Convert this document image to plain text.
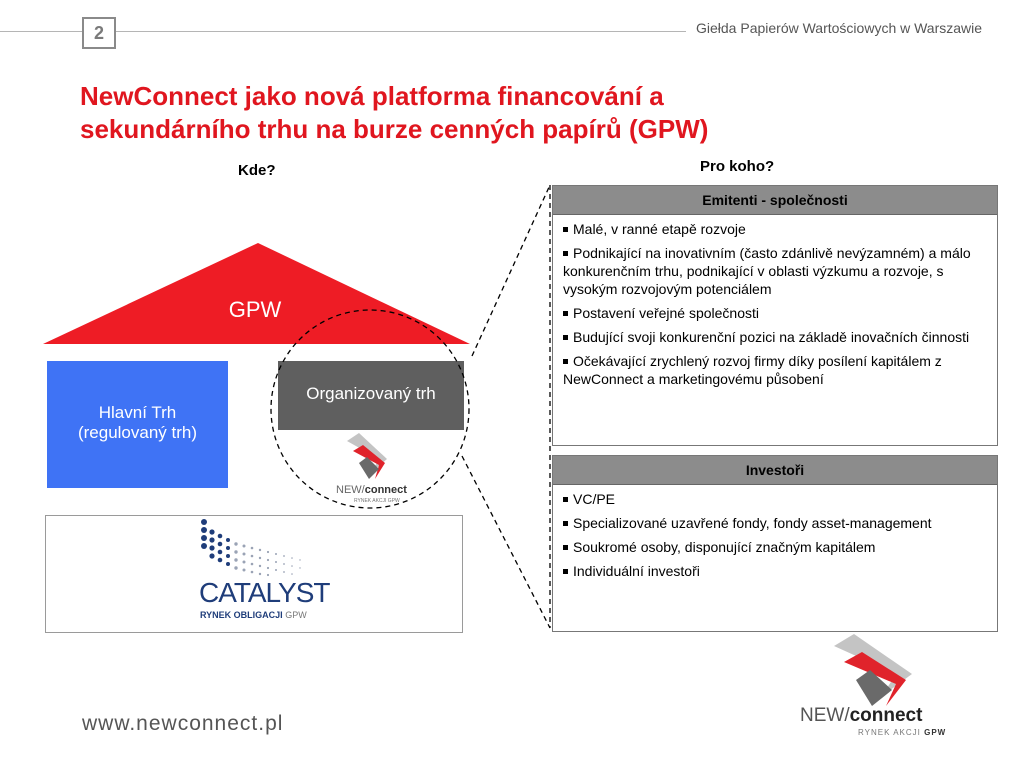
2	Giełda Papierów Wartościowych w Warszawie
NewConnect jako nová platforma financování a
sekundárního trhu na burze cenných papírů (GPW)
Kde?	Pro koho?
GPW
Hlavní Trh
(regulovaný trh)
Organizovaný trh
NEW/connect
RYNEK AKCJI GPW
CATALYST
RYNEK OBLIGACJI GPW
Emitenti - společnosti
Malé, v ranné etapě rozvoje
Podnikající na inovativním (často zdánlivě nevýzamném) a málo konkurenčním trhu, podnikající v oblasti výzkumu a rozvoje, s vysokým rozvojovým potenciálem
Postavení veřejné společnosti
Budující svoji konkurenční pozici na základě inovačních činnosti
Očekávající zrychlený rozvoj firmy díky posílení kapitálem z NewConnect a marketingovému působení
Investoři
VC/PE
Specializované uzavřené fondy, fondy asset-management
Soukromé osoby, disponující značným kapitálem
Individuální investoři
www.newconnect.pl	NEW/connect
RYNEK AKCJI GPW
